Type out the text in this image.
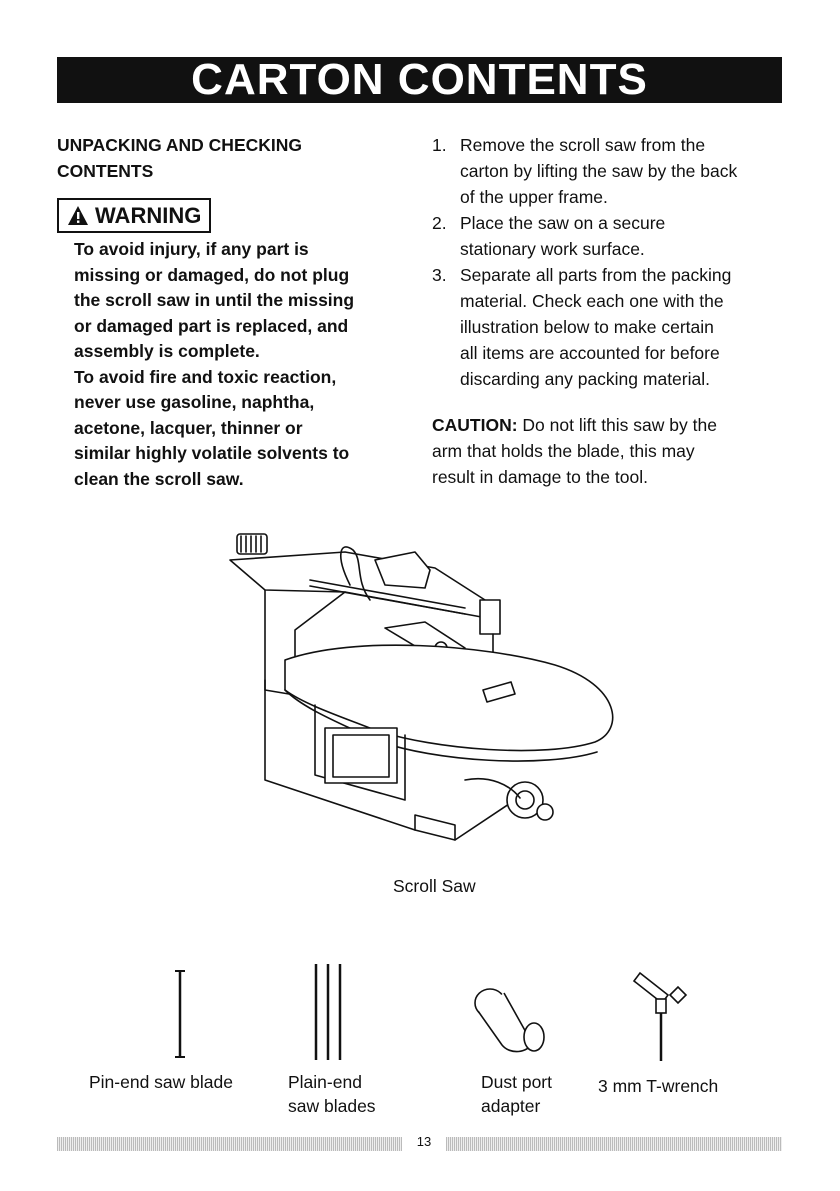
CARTON CONTENTS

UNPACKING AND CHECKING

CONTENTS

WARNING

To avoid injury, if any part is

missing or damaged, do not plug

the scroll saw in until the missing

or damaged part is replaced, and

assembly is complete.

To avoid fire and toxic reaction,

never use gasoline, naphtha,

acetone, lacquer, thinner or

similar highly volatile solvents to

clean the scroll saw.

1. Remove the scroll saw from the
carton by lifting the saw by the back
of the upper frame.
2. Place the saw on a secure
stationary work surface.
3. Separate all parts from the packing
material. Check each one with the
illustration below to make certain
all items are accounted for before
discarding any packing material.
CAUTION: Do not lift this saw by the
arm that holds the blade, this may
result in damage to the tool.
Scroll Saw
Pin-end saw blade	Plain-end
saw blades
Dust port
adapter
3 mm T-wrench
13
